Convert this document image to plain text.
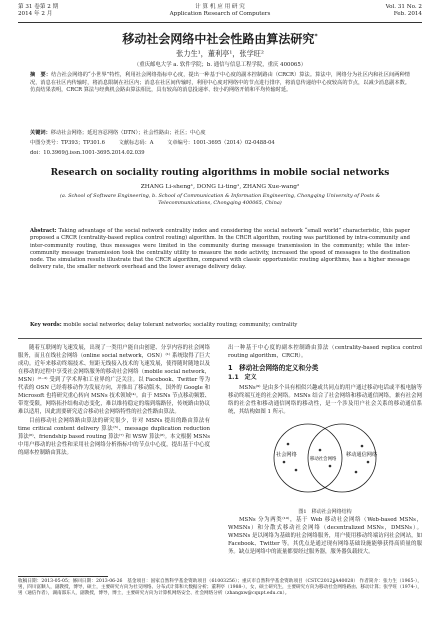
第 31 卷第 2 期
2014 年 2 月
计 算 机 应 用 研 究
Application Research of Computers
Vol. 31 No. 2
Feb. 2014
移动社会网络中社会性路由算法研究*
张力生¹，董利亭¹，张学旺²
（重庆邮电大学 a. 软件学院；b. 通信与信息工程学院，重庆 400065）
摘　要：结合社会网络的“小世界”特性，利用社会网络指标中心度，提出一种基于中心度的副本控制路由（CRCR）算法。算法中，网络分为社区内和社区间两种情况，消息在社区内传输时，将消息限制在社区内；消息在社区间传输时，利用中心度对网络中的节点进行排序，将消息传递给中心度较高的节点，以减少消息副本数。仿真结果表明，CRCR 算法与经典机会路由算法相比，具有较高的消息投递率、较小的网络开销和平均传输时延。
关键词：移动社会网络；延迟容忍网络（DTN）；社会性路由；社区；中心度
中图分类号：TP393；TP301.6	文献标志码：A	文章编号：1001-3695（2014）02-0488-04
doi：10.3969/j.issn.1001-3695.2014.02.039
Research on sociality routing algorithms in mobile social networks
ZHANG Li-sheng¹, DONG Li-ting¹, ZHANG Xue-wang²
(a. School of Software Engineering, b. School of Communication & Information Engineering, Chongqing University of Posts & Telecommunications, Chongqing 400065, China)
Abstract: Taking advantage of the social network centrality index and considering the social network “small world” characteristic, this paper proposed a CRCR (centrality-based replica control routing) algorithm. In the CRCR algorithm, routing was partitioned by intra-community and inter-community routing, thus messages were limited in the community during message transmission in the community; while the inter-community message transmission took the centrality utility to measure the node activity, increased the speed of messages to the destination node. The simulation results illustrate that the CRCR algorithm, compared with classic opportunistic routing algorithms, has a higher message delivery rate, the smaller network overhead and the lower average delivery delay.
Key words: mobile social networks; delay tolerant networks; sociality routing; community; centrality

随着互联网的飞速发展，出现了一类用户能自由创建、分享内容的社会网络服务，而且在线社会网络（online social network，OSN）⁽¹⁾ 系统取得了巨大成功。近年来移动终端技术、短距无线接入技术的飞速发展，使得随时随地以及在移动的过程中享受社会网络服务的移动社会网络（mobile social network，MSN）⁽²⁻³⁾ 受到了学术界和工业界的广泛关注。以 Facebook、Twitter 等为代表的 OSN 已经将移动作为发展方向，并推出了移动版本，国外的 Google 和 Microsoft 也将研究重心转向 MSNs 技术领域⁽⁴⁾。由于 MSNs 节点移动频繁、带宽受限，网络拓扑结构动态变化，难以维持稳定的端到端路径，传统路由协议难以适用，因此需要研究适合移动社会网络特性的社会性路由算法。

目前移动社会网络路由算法的研究很少，针对 MSNs 提出的路由算法有 time critical content delivery 算法⁽⁵⁾、message duplication reduction 算法⁽⁶⁾、friendship based routing 算法⁽⁷⁾ 和 WSW 算法⁽⁸⁾。本文根据 MSNs 中用户移动的社会性和采用社会网络分析指标中的节点中心度，提出基于中心度的副本控制路由算法。

出一种基于中心度的副本控制路由算法（centrality-based replica control routing algorithm，CRCR）。

1　移动社会网络的定义和分类
1.1　定义

MSNs⁽⁹⁾ 是由多个具有相似兴趣或共同点的用户通过移动电话或平板电脑等移动终端互连的社会网络。MSNs 结合了社会网络和移动通信网络，兼有社会网络的社会性和移动通信网络的移动性，是一个涉及用户社会关系的移动通信系统，其结构如图 1 所示。

社会网络	移动通信网络
移动社会网络
图1　移动社会网络结构

MSNs 分为两类⁽¹⁰⁾，基于 Web 移动社会网络（Web-based MSNs，WMSNs）和分散式移动社会网络（decentralized MSNs，DMSNs）。WMSNs 是以网络为基础的社会网络服务，用户使用移动终端访问社会网站，如 Facebook、Twitter 等。其优点是通过现有网络基础设施能够获得高质量的服务。缺点是网络中的流量都要经过服务器，服务器负载较大。

收稿日期：2013-05-05；修回日期：2013-06-26　基金项目：国家自然科学基金资助项目（61003256）；重庆市自然科学基金资助项目（CSTC2012jjA40028） 作者简介：张力生（1965-），男，四川富顺人，副教授，博导，硕士，主要研究方向为社交网络、分布式计算和大数据分析；董利亭（1988-），女，硕士研究生，主要研究方向为移动社会网络路由、移动计算；张学旺（1974-），男（通信作者），湖南邵东人，副教授，博导，博士，主要研究方向为计算机网络安全、社会网络分析（zhangxw@cqupt.edu.cn）。
